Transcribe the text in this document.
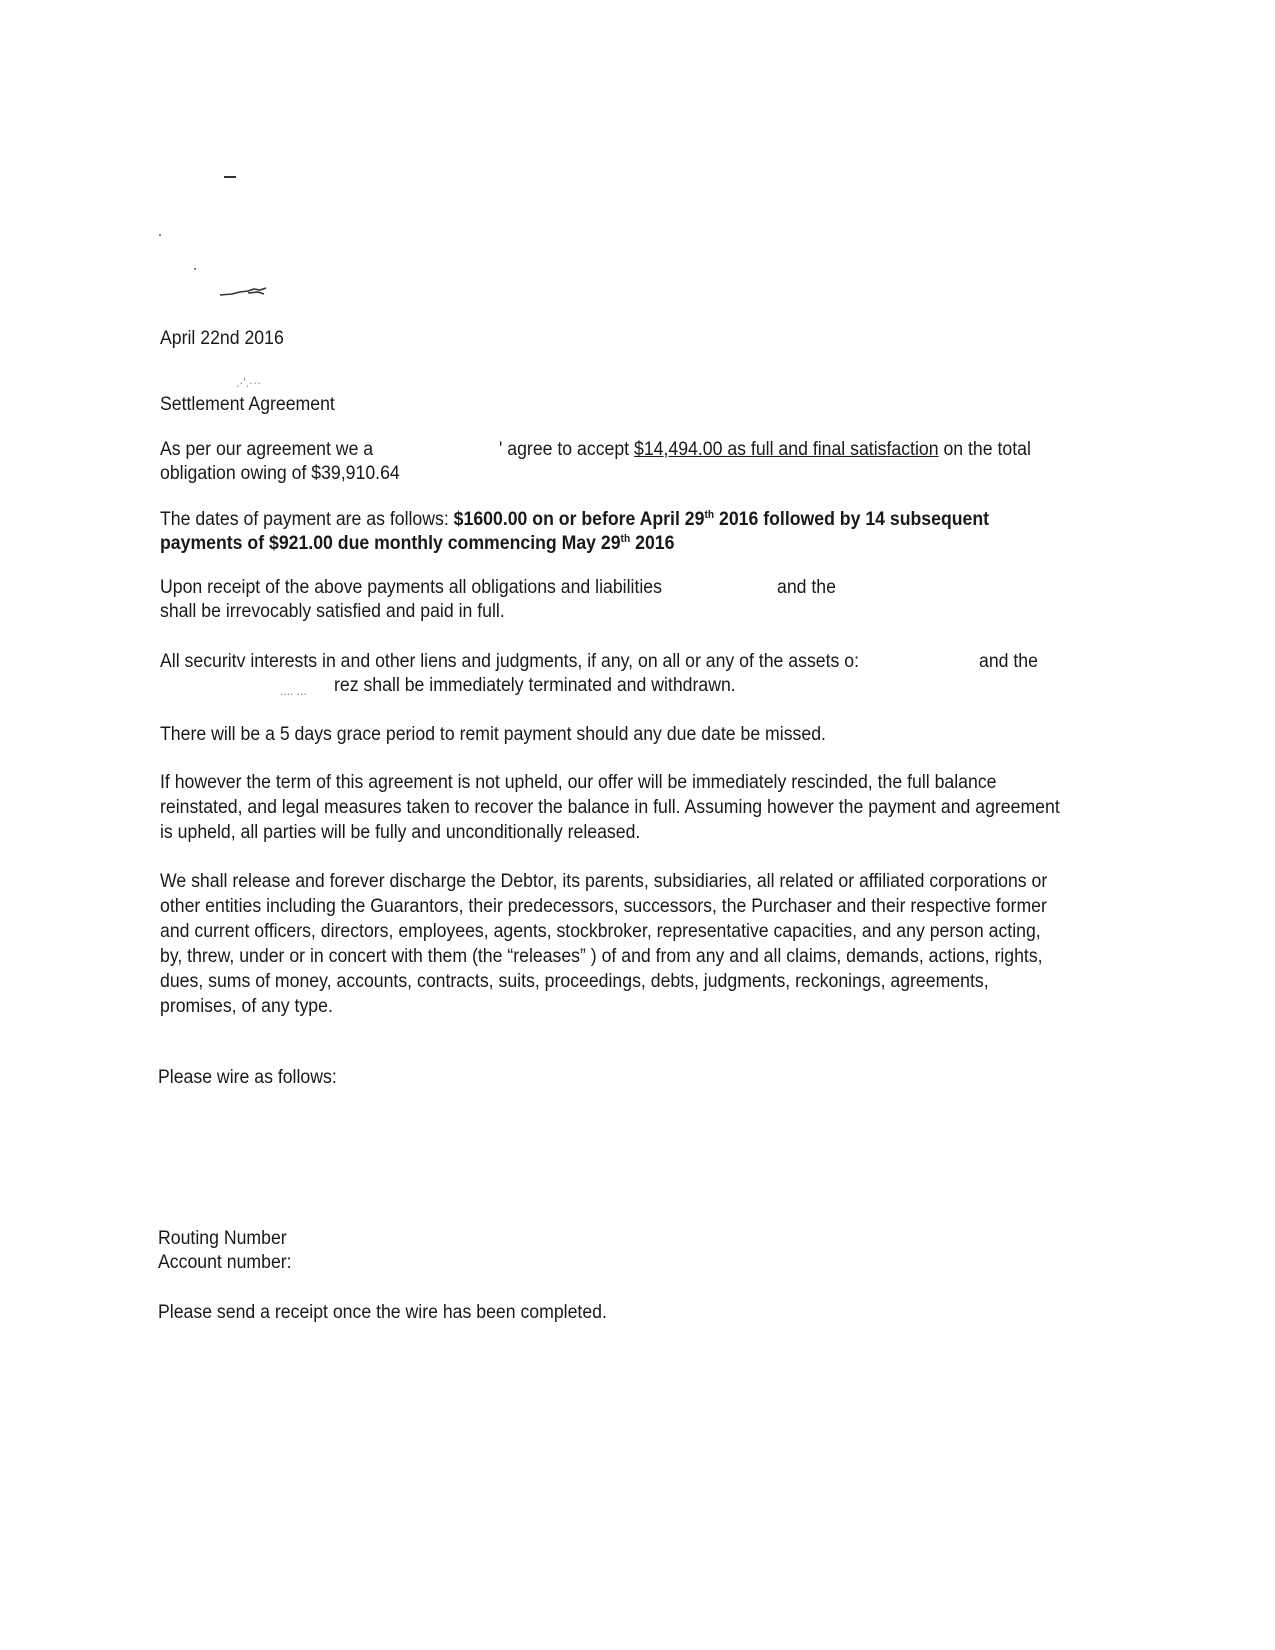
April 22nd 2016
.·'.···
Settlement Agreement
As per our agreement we a	' agree to accept $14,494.00 as full and final satisfaction on the total
obligation owing of $39,910.64
The dates of payment are as follows: $1600.00 on or before April 29th 2016 followed by 14 subsequent
payments of $921.00 due monthly commencing May 29th 2016
Upon receipt of the above payments all obligations and liabilitieѕ	and the
shall be irrevocably satisfied and paid in full.
All securitv interests in and other liens and judgments, if any, on all or any of the assets o:	and the
.... ... rez shall be immediately terminated and withdrawn.
There will be a 5 days grace period to remit payment should any due date be missed.
If however the term of this agreement is not upheld, our offer will be immediately rescinded, the full balance reinstated, and legal measures taken to recover the balance in full. Assuming however the payment and agreement is upheld, all parties will be fully and unconditionally released.
We shall release and forever discharge the Debtor, its parents, subsidiaries, all related or affiliated corporations or other entities including the Guarantors, their predecessors, successors, the Purchaser and their respective former and current officers, directors, employees, agents, stockbroker, representative capacities, and any person acting, by, threw, under or in concert with them (the “releases” ) of and from any and all claims, demands, actions, rights, dues, sums of money, accounts, contracts, suits, proceedings, debts, judgments, reckonings, agreements, promises, of any type.
Please wire as follows:
Routing Number
Account number:
Please send a receipt once the wire has been completed.
